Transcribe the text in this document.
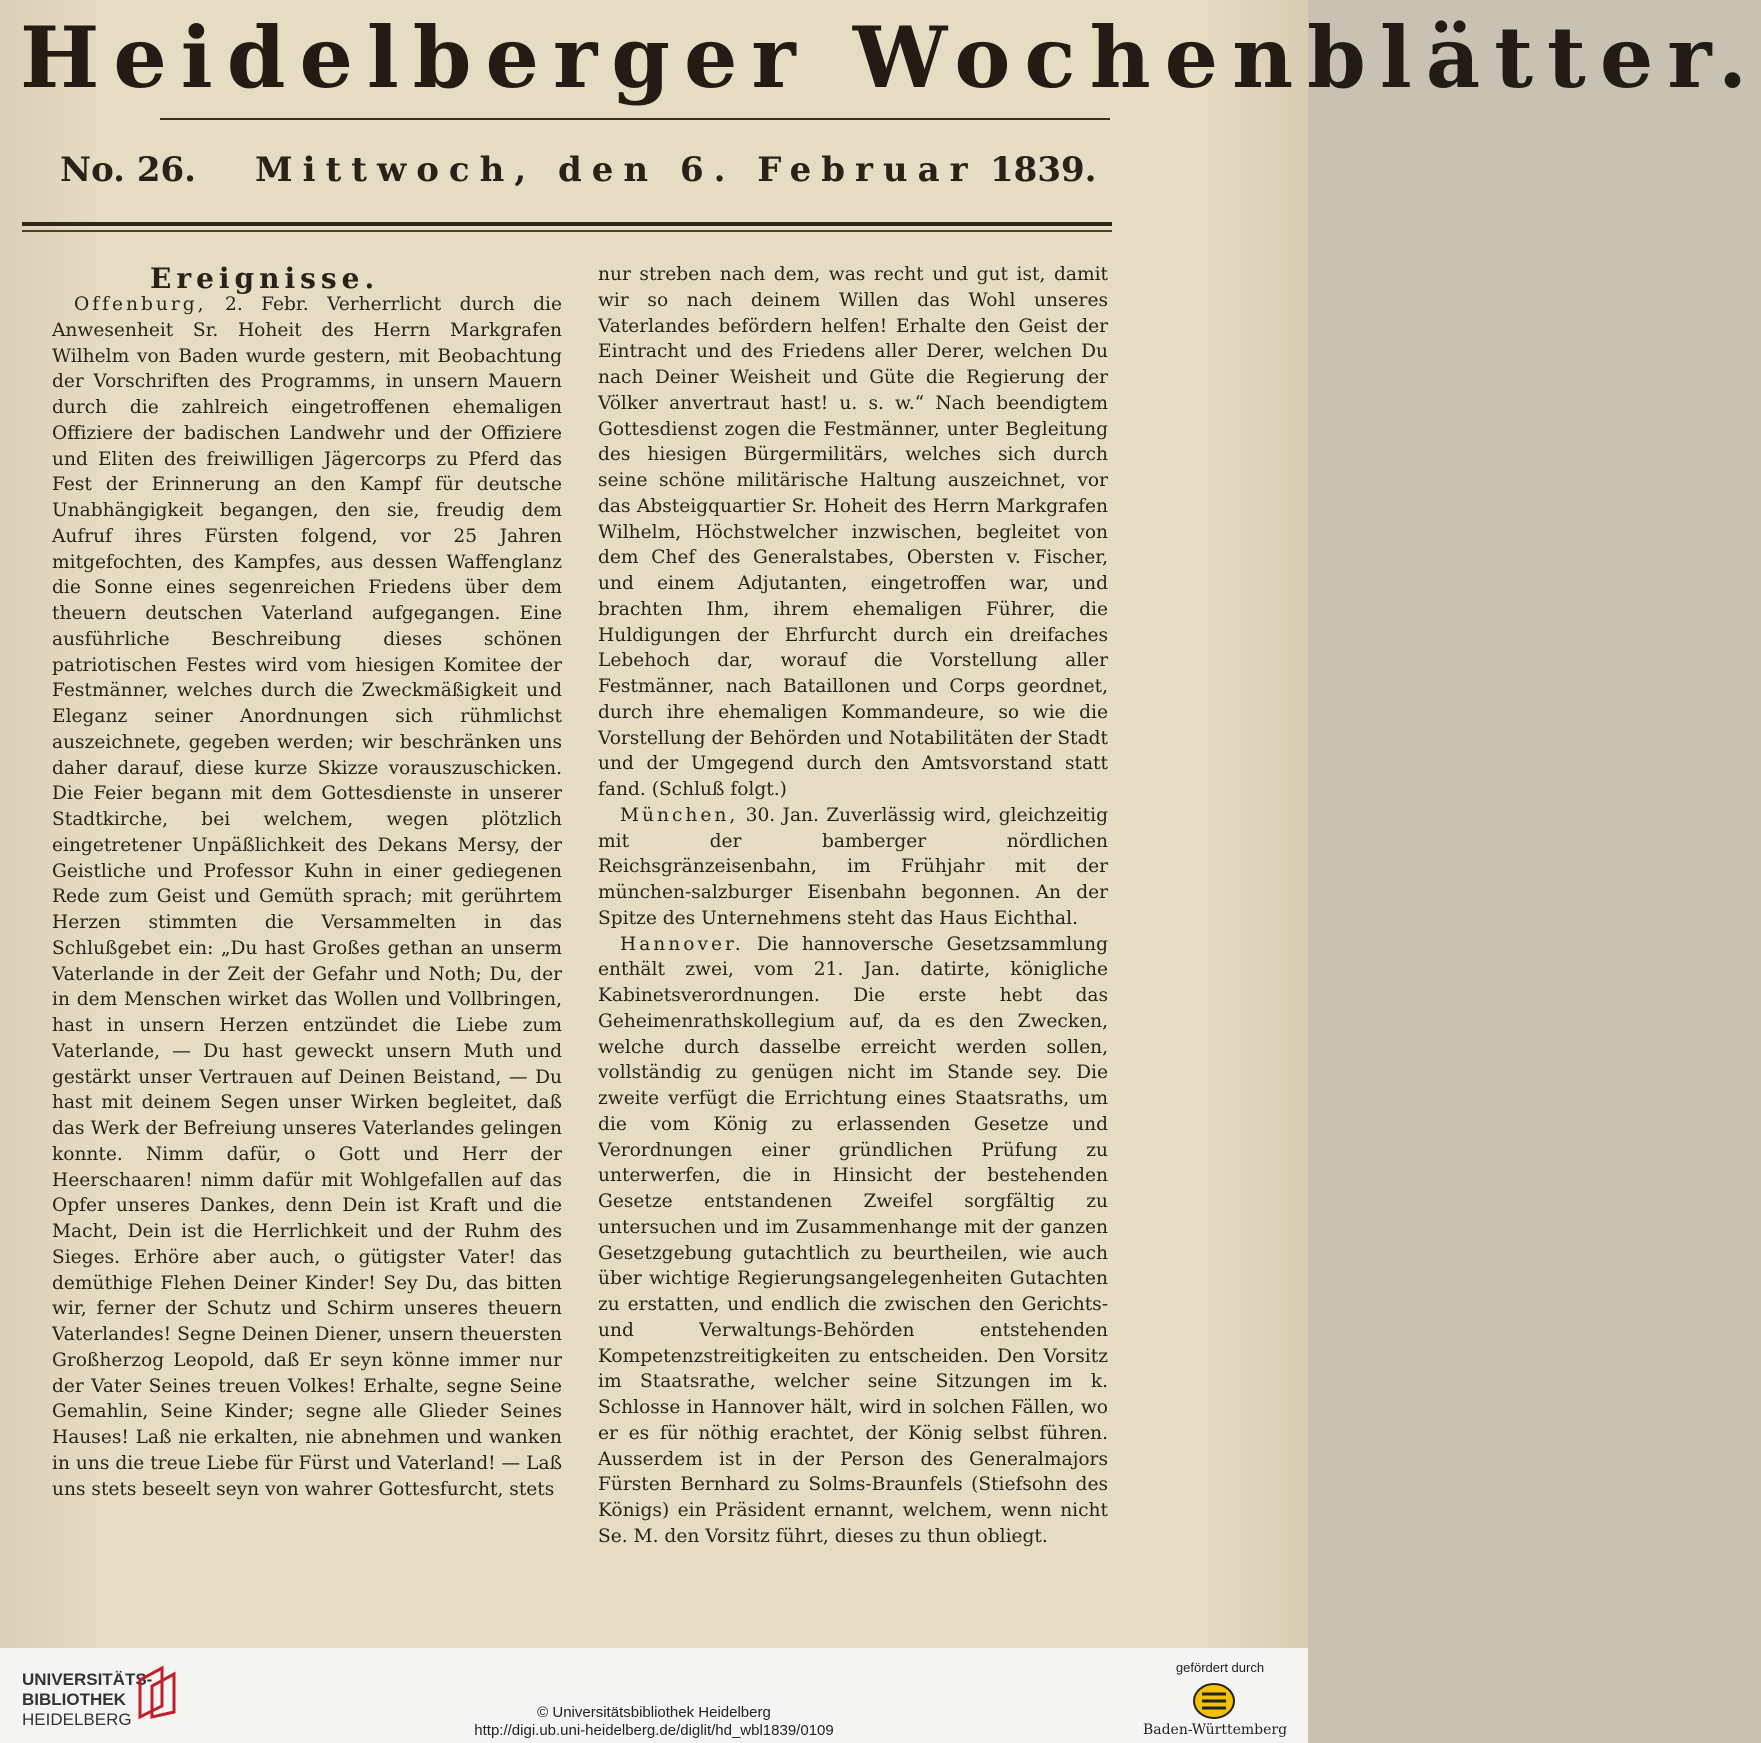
Heidelberger Wochenblätter.
No. 26. Mittwoch, den 6. Februar 1839.
Ereignisse.

Offenburg, 2. Febr. Verherrlicht durch die Anwesenheit Sr. Hoheit des Herrn Markgrafen Wilhelm von Baden wurde gestern, mit Beobachtung der Vorschriften des Programms, in unsern Mauern durch die zahlreich eingetroffenen ehemaligen Offiziere der badischen Landwehr und der Offiziere und Eliten des freiwilligen Jägercorps zu Pferd das Fest der Erinnerung an den Kampf für deutsche Unabhängigkeit begangen, den sie, freudig dem Aufruf ihres Fürsten folgend, vor 25 Jahren mitgefochten, des Kampfes, aus dessen Waffenglanz die Sonne eines segenreichen Friedens über dem theuern deutschen Vaterland aufgegangen. Eine ausführliche Beschreibung dieses schönen patriotischen Festes wird vom hiesigen Komitee der Festmänner, welches durch die Zweckmäßigkeit und Eleganz seiner Anordnungen sich rühmlichst auszeichnete, gegeben werden; wir beschränken uns daher darauf, diese kurze Skizze vorauszuschicken. Die Feier begann mit dem Gottesdienste in unserer Stadtkirche, bei welchem, wegen plötzlich eingetretener Unpäßlichkeit des Dekans Mersy, der Geistliche und Professor Kuhn in einer gediegenen Rede zum Geist und Gemüth sprach; mit gerührtem Herzen stimmten die Versammelten in das Schlußgebet ein: „Du hast Großes gethan an unserm Vaterlande in der Zeit der Gefahr und Noth; Du, der in dem Menschen wirket das Wollen und Vollbringen, hast in unsern Herzen entzündet die Liebe zum Vaterlande, — Du hast geweckt unsern Muth und gestärkt unser Vertrauen auf Deinen Beistand, — Du hast mit deinem Segen unser Wirken begleitet, daß das Werk der Befreiung unseres Vaterlandes gelingen konnte. Nimm dafür, o Gott und Herr der Heerschaaren! nimm dafür mit Wohlgefallen auf das Opfer unseres Dankes, denn Dein ist Kraft und die Macht, Dein ist die Herrlichkeit und der Ruhm des Sieges. Erhöre aber auch, o gütigster Vater! das demüthige Flehen Deiner Kinder! Sey Du, das bitten wir, ferner der Schutz und Schirm unseres theuern Vaterlandes! Segne Deinen Diener, unsern theuersten Großherzog Leopold, daß Er seyn könne immer nur der Vater Seines treuen Volkes! Erhalte, segne Seine Gemahlin, Seine Kinder; segne alle Glieder Seines Hauses! Laß nie erkalten, nie abnehmen und wanken in uns die treue Liebe für Fürst und Vaterland! — Laß uns stets beseelt seyn von wahrer Gottesfurcht, stets

nur streben nach dem, was recht und gut ist, damit wir so nach deinem Willen das Wohl unseres Vaterlandes befördern helfen! Erhalte den Geist der Eintracht und des Friedens aller Derer, welchen Du nach Deiner Weisheit und Güte die Regierung der Völker anvertraut hast! u. s. w.“ Nach beendigtem Gottesdienst zogen die Festmänner, unter Begleitung des hiesigen Bürgermilitärs, welches sich durch seine schöne militärische Haltung auszeichnet, vor das Absteigquartier Sr. Hoheit des Herrn Markgrafen Wilhelm, Höchstwelcher inzwischen, begleitet von dem Chef des Generalstabes, Obersten v. Fischer, und einem Adjutanten, eingetroffen war, und brachten Ihm, ihrem ehemaligen Führer, die Huldigungen der Ehrfurcht durch ein dreifaches Lebehoch dar, worauf die Vorstellung aller Festmänner, nach Bataillonen und Corps geordnet, durch ihre ehemaligen Kommandeure, so wie die Vorstellung der Behörden und Notabilitäten der Stadt und der Umgegend durch den Amtsvorstand statt fand. (Schluß folgt.)

München, 30. Jan. Zuverlässig wird, gleichzeitig mit der bamberger nördlichen Reichsgränzeisenbahn, im Frühjahr mit der münchen-salzburger Eisenbahn begonnen. An der Spitze des Unternehmens steht das Haus Eichthal.

Hannover. Die hannoversche Gesetzsammlung enthält zwei, vom 21. Jan. datirte, königliche Kabinetsverordnungen. Die erste hebt das Geheimenrathskollegium auf, da es den Zwecken, welche durch dasselbe erreicht werden sollen, vollständig zu genügen nicht im Stande sey. Die zweite verfügt die Errichtung eines Staatsraths, um die vom König zu erlassenden Gesetze und Verordnungen einer gründlichen Prüfung zu unterwerfen, die in Hinsicht der bestehenden Gesetze entstandenen Zweifel sorgfältig zu untersuchen und im Zusammenhange mit der ganzen Gesetzgebung gutachtlich zu beurtheilen, wie auch über wichtige Regierungsangelegenheiten Gutachten zu erstatten, und endlich die zwischen den Gerichts- und Verwaltungs-Behörden entstehenden Kompetenzstreitigkeiten zu entscheiden. Den Vorsitz im Staatsrathe, welcher seine Sitzungen im k. Schlosse in Hannover hält, wird in solchen Fällen, wo er es für nöthig erachtet, der König selbst führen. Ausserdem ist in der Person des Generalmajors Fürsten Bernhard zu Solms-Braunfels (Stiefsohn des Königs) ein Präsident ernannt, welchem, wenn nicht Se. M. den Vorsitz führt, dieses zu thun obliegt.

UNIVERSITÄTS-
BIBLIOTHEK
HEIDELBERG	© Universitätsbibliothek Heidelberg
http://digi.ub.uni-heidelberg.de/diglit/hd_wbl1839/0109
gefördert durch
Baden-Württemberg
